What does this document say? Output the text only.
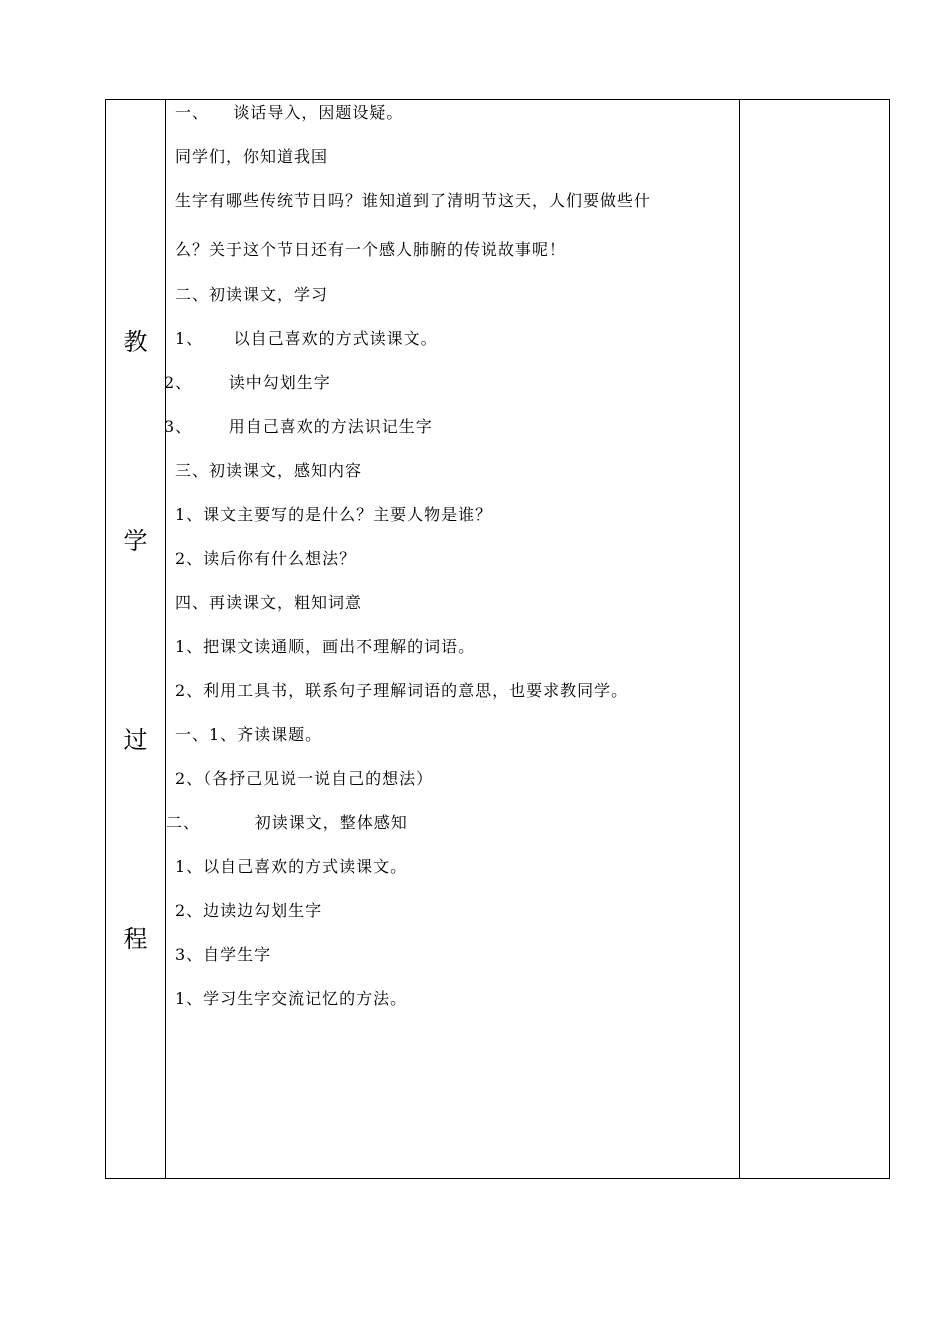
教
学
过
程
一、    谈话导入，因题设疑。
同学们，你知道我国
生字有哪些传统节日吗？谁知道到了清明节这天，人们要做些什
么？关于这个节日还有一个感人肺腑的传说故事呢！
二、初读课文，学习
1、     以自己喜欢的方式读课文。
2、      读中勾划生字
3、      用自己喜欢的方法识记生字
三、初读课文，感知内容
1、课文主要写的是什么？主要人物是谁？
2、读后你有什么想法？
四、再读课文，粗知词意
1、把课文读通顺，画出不理解的词语。
2、利用工具书，联系句子理解词语的意思，也要求教同学。
一、1、齐读课题。
2、（各抒己见说一说自己的想法）
二、         初读课文，整体感知
1、以自己喜欢的方式读课文。
2、边读边勾划生字
3、自学生字
1、学习生字交流记忆的方法。
